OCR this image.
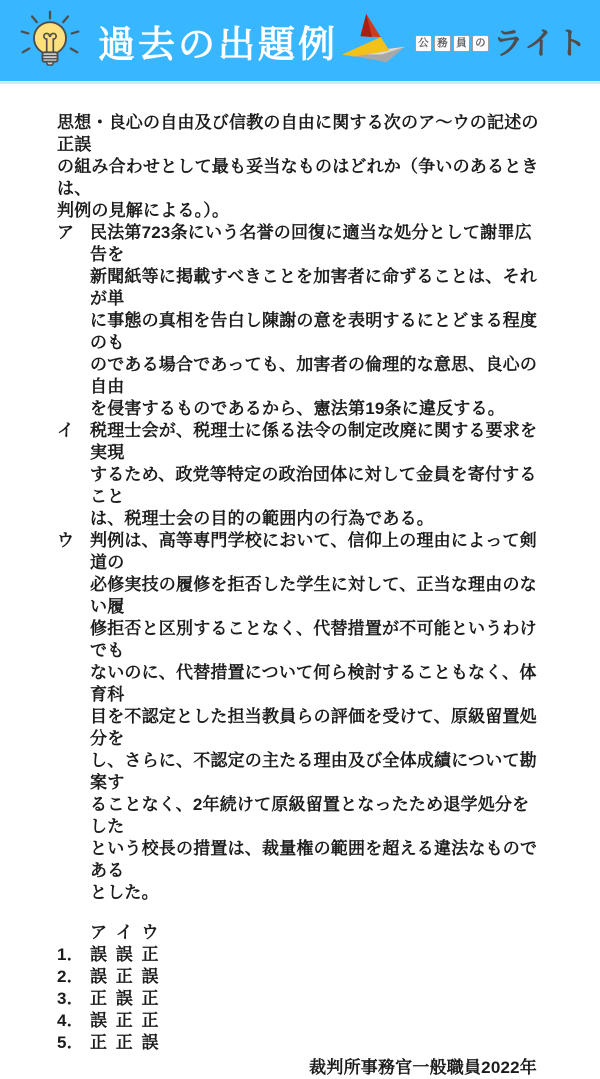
過去の出題例	公 務 員 の ライト
思想・良心の自由及び信教の自由に関する次のア〜ウの記述の正誤
の組み合わせとして最も妥当なものはどれか（争いのあるときは、
判例の見解による。）。
ア 民法第723条にいう名誉の回復に適当な処分として謝罪広告を
新聞紙等に掲載すべきことを加害者に命ずることは、それが単
に事態の真相を告白し陳謝の意を表明するにとどまる程度のも
のである場合であっても、加害者の倫理的な意思、良心の自由
を侵害するものであるから、憲法第19条に違反する。
イ 税理士会が、税理士に係る法令の制定改廃に関する要求を実現
するため、政党等特定の政治団体に対して金員を寄付すること
は、税理士会の目的の範囲内の行為である。
ウ 判例は、高等専門学校において、信仰上の理由によって剣道の
必修実技の履修を拒否した学生に対して、正当な理由のない履
修拒否と区別することなく、代替措置が不可能というわけでも
ないのに、代替措置について何ら検討することもなく、体育科
目を不認定とした担当教員らの評価を受けて、原級留置処分を
し、さらに、不認定の主たる理由及び全体成績について勘案す
ることなく、2年続けて原級留置となったため退学処分をした
という校長の措置は、裁量権の範囲を超える違法なものである
とした。
ア イ ウ
1． 誤 誤 正
2． 誤 正 誤
3． 正 誤 正
4． 誤 正 正
5． 正 正 誤
裁判所事務官一般職員2022年
